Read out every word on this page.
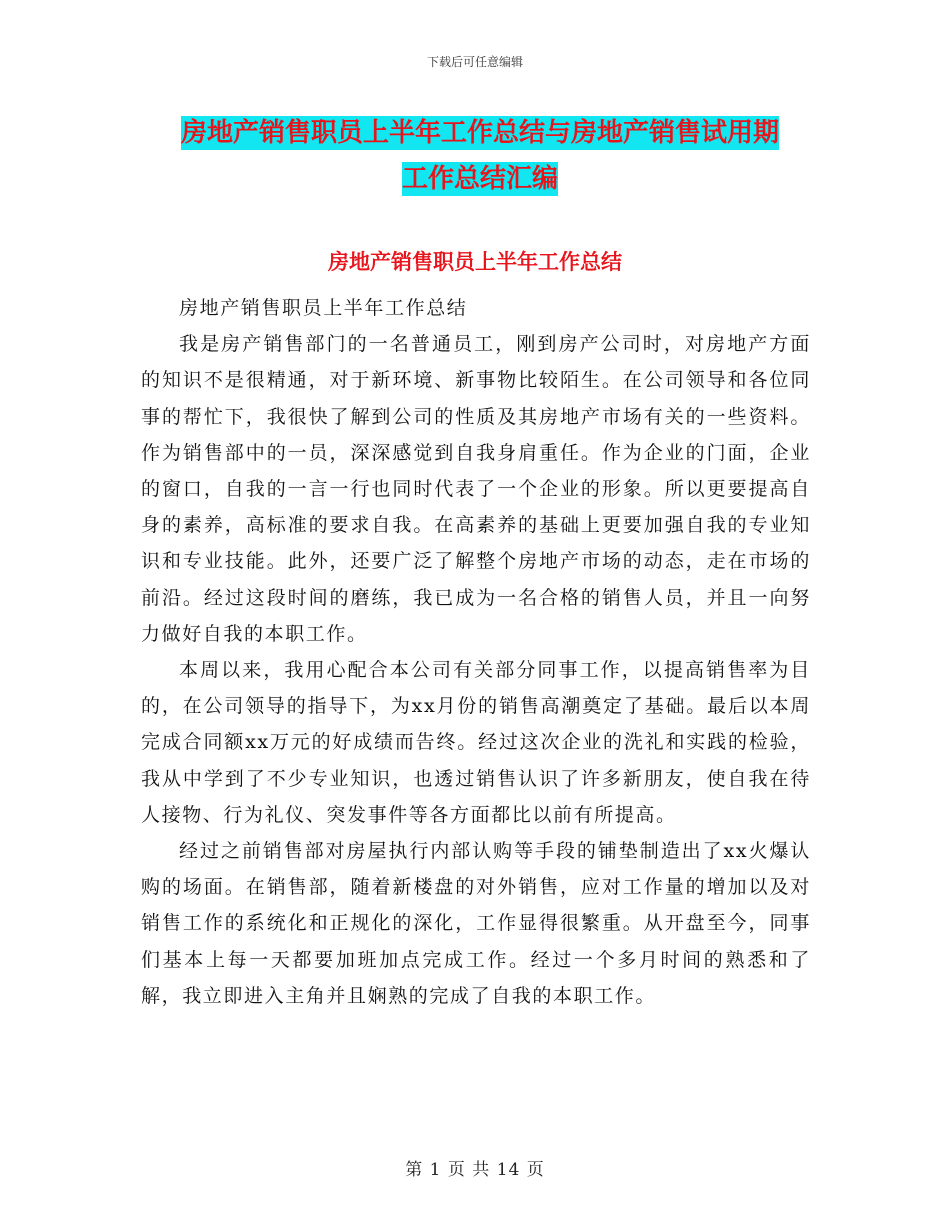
下载后可任意编辑
房地产销售职员上半年工作总结与房地产销售试用期
工作总结汇编
房地产销售职员上半年工作总结

房地产销售职员上半年工作总结

我是房产销售部门的一名普通员工，刚到房产公司时，对房地产方面的知识不是很精通，对于新环境、新事物比较陌生。在公司领导和各位同事的帮忙下，我很快了解到公司的性质及其房地产市场有关的一些资料。作为销售部中的一员，深深感觉到自我身肩重任。作为企业的门面，企业的窗口，自我的一言一行也同时代表了一个企业的形象。所以更要提高自身的素养，高标准的要求自我。在高素养的基础上更要加强自我的专业知识和专业技能。此外，还要广泛了解整个房地产市场的动态，走在市场的前沿。经过这段时间的磨练，我已成为一名合格的销售人员，并且一向努力做好自我的本职工作。

本周以来，我用心配合本公司有关部分同事工作，以提高销售率为目的，在公司领导的指导下，为xx月份的销售高潮奠定了基础。最后以本周完成合同额xx万元的好成绩而告终。经过这次企业的洗礼和实践的检验，我从中学到了不少专业知识，也透过销售认识了许多新朋友，使自我在待人接物、行为礼仪、突发事件等各方面都比以前有所提高。

经过之前销售部对房屋执行内部认购等手段的铺垫制造出了xx火爆认购的场面。在销售部，随着新楼盘的对外销售，应对工作量的增加以及对销售工作的系统化和正规化的深化，工作显得很繁重。从开盘至今，同事们基本上每一天都要加班加点完成工作。经过一个多月时间的熟悉和了解，我立即进入主角并且娴熟的完成了自我的本职工作。

第 1 页 共 14 页
